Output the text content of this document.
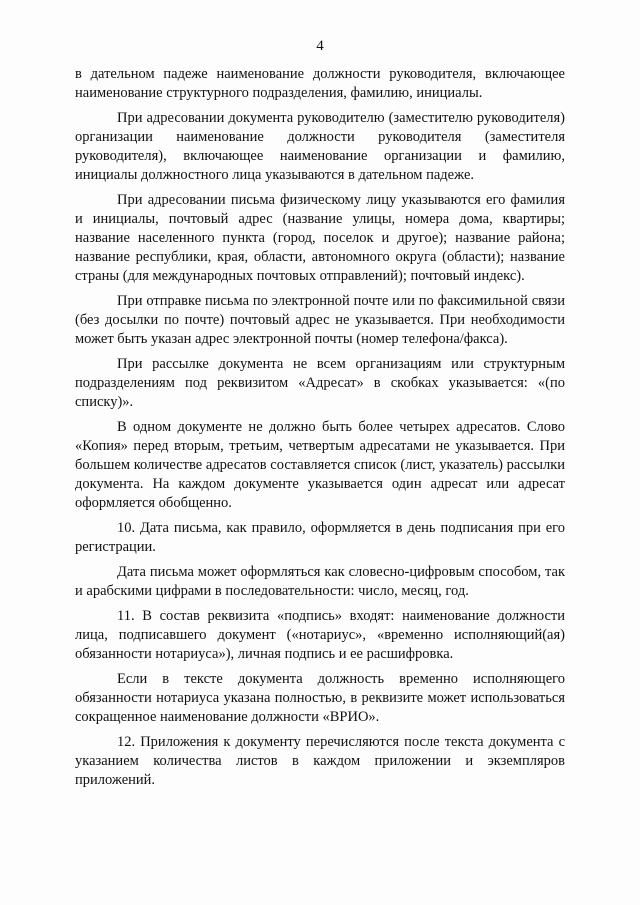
4

в дательном падеже наименование должности руководителя, включающее наименование структурного подразделения, фамилию, инициалы.

При адресовании документа руководителю (заместителю руководителя) организации наименование должности руководителя (заместителя руководителя), включающее наименование организации и фамилию, инициалы должностного лица указываются в дательном падеже.

При адресовании письма физическому лицу указываются его фамилия и инициалы, почтовый адрес (название улицы, номера дома, квартиры; название населенного пункта (город, поселок и другое); название района; название республики, края, области, автономного округа (области); название страны (для международных почтовых отправлений); почтовый индекс).

При отправке письма по электронной почте или по факсимильной связи (без досылки по почте) почтовый адрес не указывается. При необходимости может быть указан адрес электронной почты (номер телефона/факса).

При рассылке документа не всем организациям или структурным подразделениям под реквизитом «Адресат» в скобках указывается: «(по списку)».

В одном документе не должно быть более четырех адресатов. Слово «Копия» перед вторым, третьим, четвертым адресатами не указывается. При большем количестве адресатов составляется список (лист, указатель) рассылки документа. На каждом документе указывается один адресат или адресат оформляется обобщенно.

10. Дата письма, как правило, оформляется в день подписания при его регистрации.

Дата письма может оформляться как словесно-цифровым способом, так и арабскими цифрами в последовательности: число, месяц, год.

11. В состав реквизита «подпись» входят: наименование должности лица, подписавшего документ («нотариус», «временно исполняющий(ая) обязанности нотариуса»), личная подпись и ее расшифровка.

Если в тексте документа должность временно исполняющего обязанности нотариуса указана полностью, в реквизите может использоваться сокращенное наименование должности «ВРИО».

12. Приложения к документу перечисляются после текста документа с указанием количества листов в каждом приложении и экземпляров приложений.
